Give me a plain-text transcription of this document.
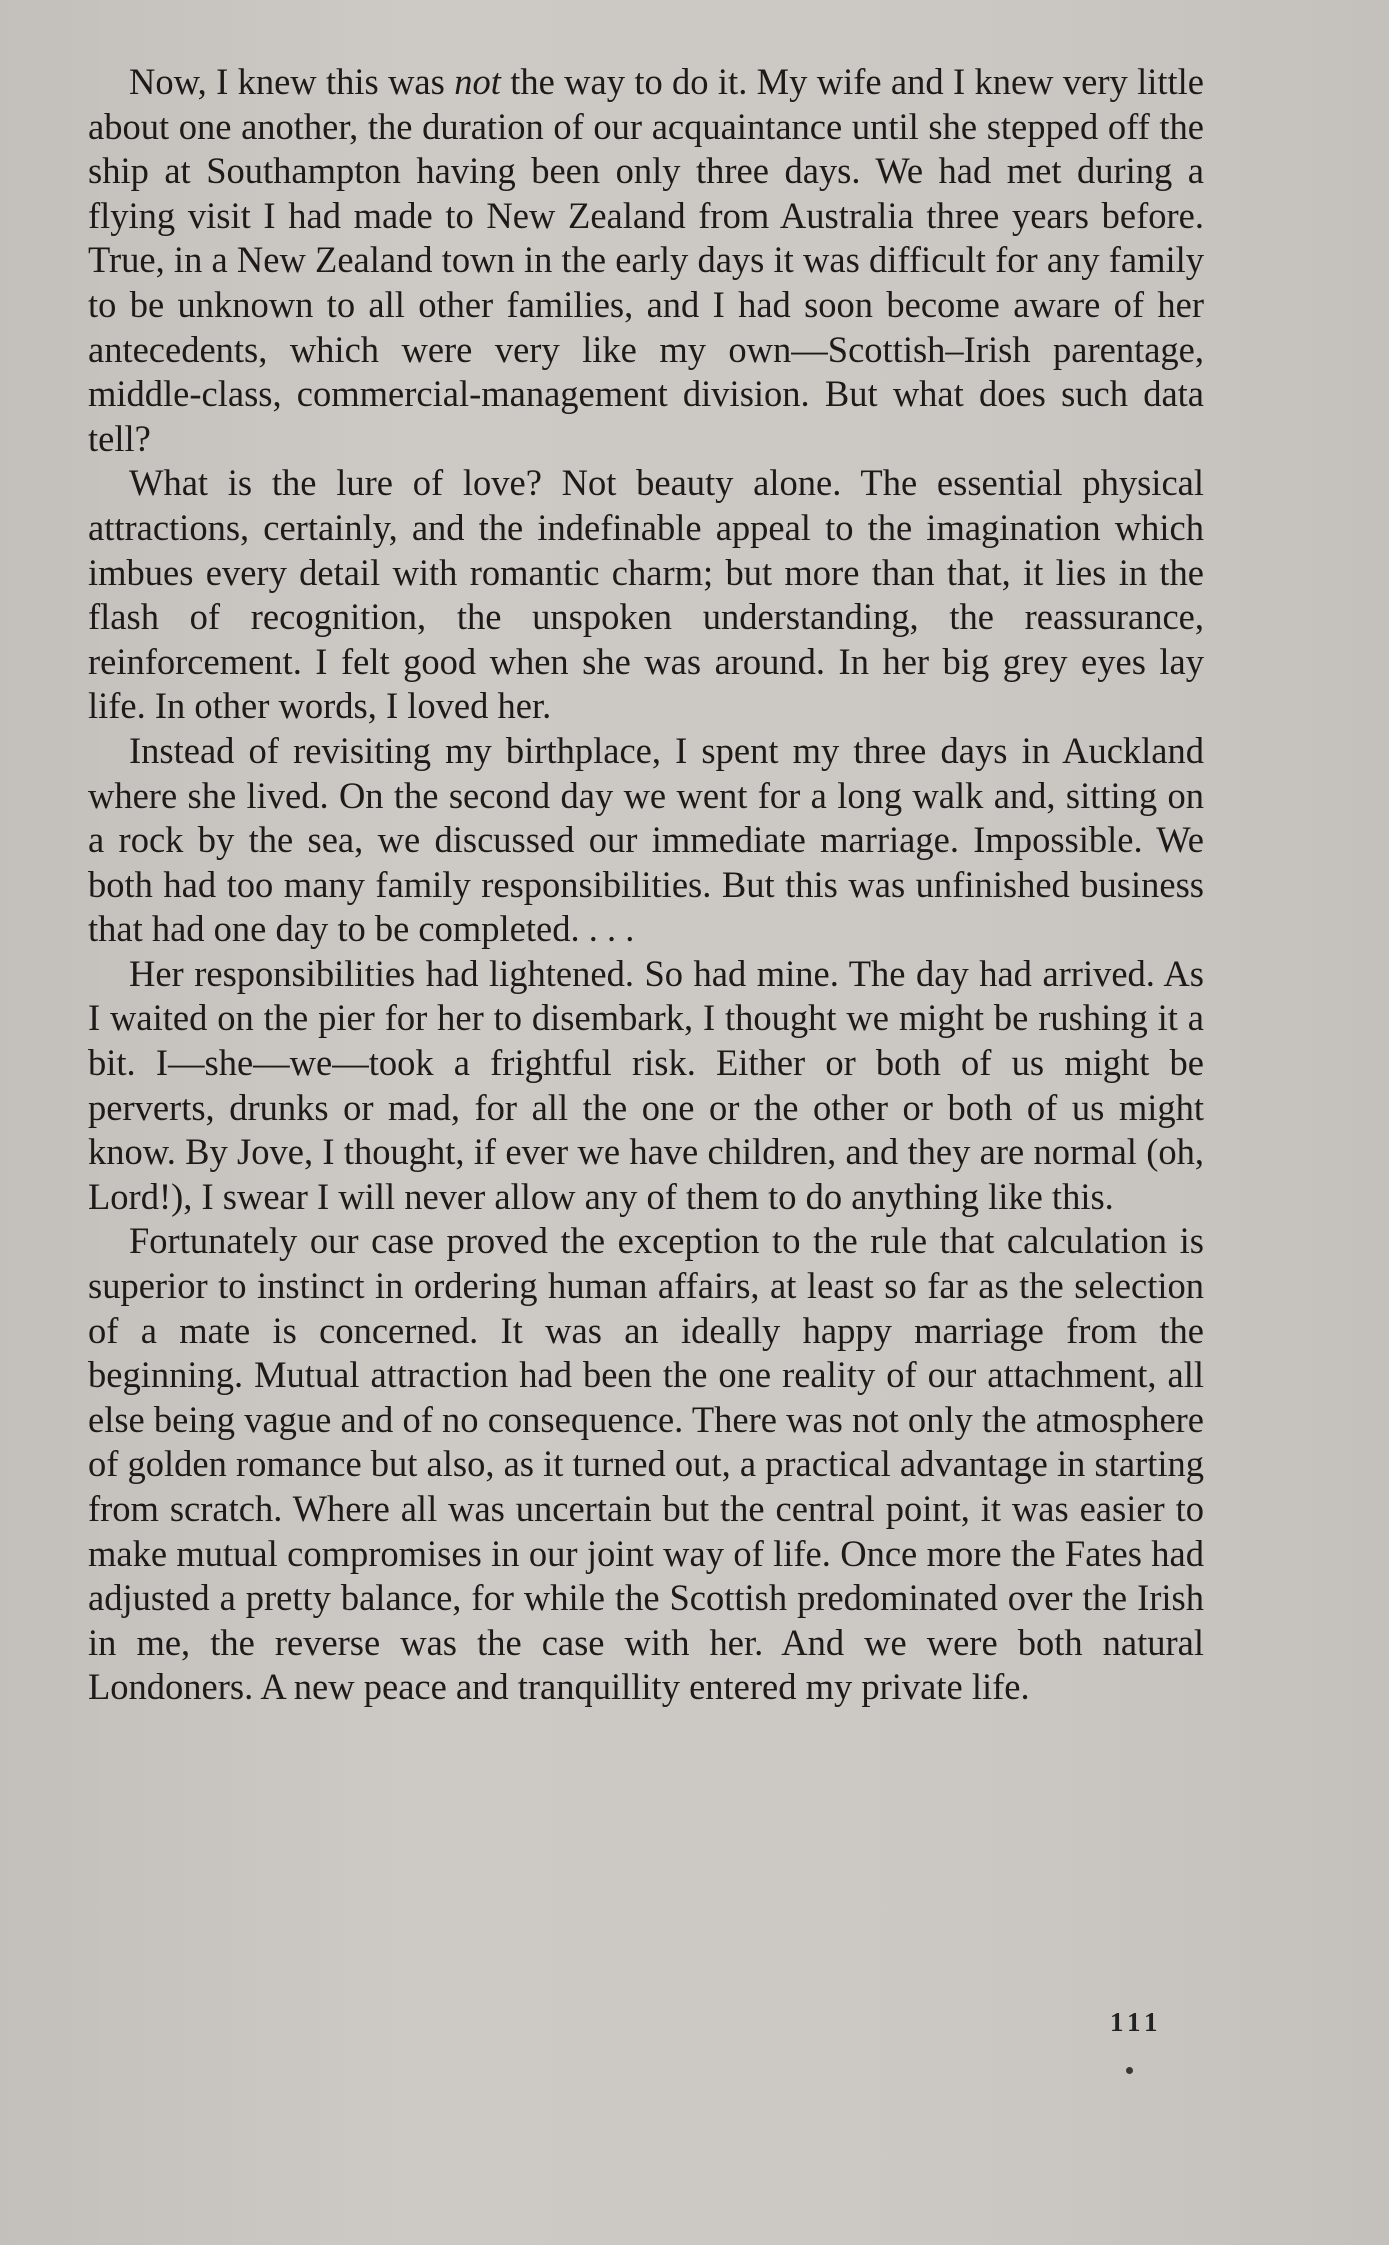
Now, I knew this was not the way to do it. My wife and I knew very little about one another, the duration of our acquaintance until she stepped off the ship at Southampton having been only three days. We had met during a flying visit I had made to New Zealand from Australia three years before. True, in a New Zealand town in the early days it was difficult for any family to be unknown to all other families, and I had soon become aware of her antecedents, which were very like my own—Scottish–Irish parentage, middle-class, commercial-management division. But what does such data tell?

What is the lure of love? Not beauty alone. The essential physical attractions, certainly, and the indefinable appeal to the imagination which imbues every detail with romantic charm; but more than that, it lies in the flash of recognition, the unspoken understanding, the reassurance, reinforcement. I felt good when she was around. In her big grey eyes lay life. In other words, I loved her.

Instead of revisiting my birthplace, I spent my three days in Auckland where she lived. On the second day we went for a long walk and, sitting on a rock by the sea, we discussed our immediate marriage. Impossible. We both had too many family responsibilities. But this was unfinished business that had one day to be completed. . . .

Her responsibilities had lightened. So had mine. The day had arrived. As I waited on the pier for her to disembark, I thought we might be rushing it a bit. I—she—we—took a frightful risk. Either or both of us might be perverts, drunks or mad, for all the one or the other or both of us might know. By Jove, I thought, if ever we have children, and they are normal (oh, Lord!), I swear I will never allow any of them to do anything like this.

Fortunately our case proved the exception to the rule that calculation is superior to instinct in ordering human affairs, at least so far as the selection of a mate is concerned. It was an ideally happy marriage from the beginning. Mutual attraction had been the one reality of our attachment, all else being vague and of no consequence. There was not only the atmosphere of golden romance but also, as it turned out, a practical advantage in starting from scratch. Where all was uncertain but the central point, it was easier to make mutual compromises in our joint way of life. Once more the Fates had adjusted a pretty balance, for while the Scottish predominated over the Irish in me, the reverse was the case with her. And we were both natural Londoners. A new peace and tranquillity entered my private life.

111
